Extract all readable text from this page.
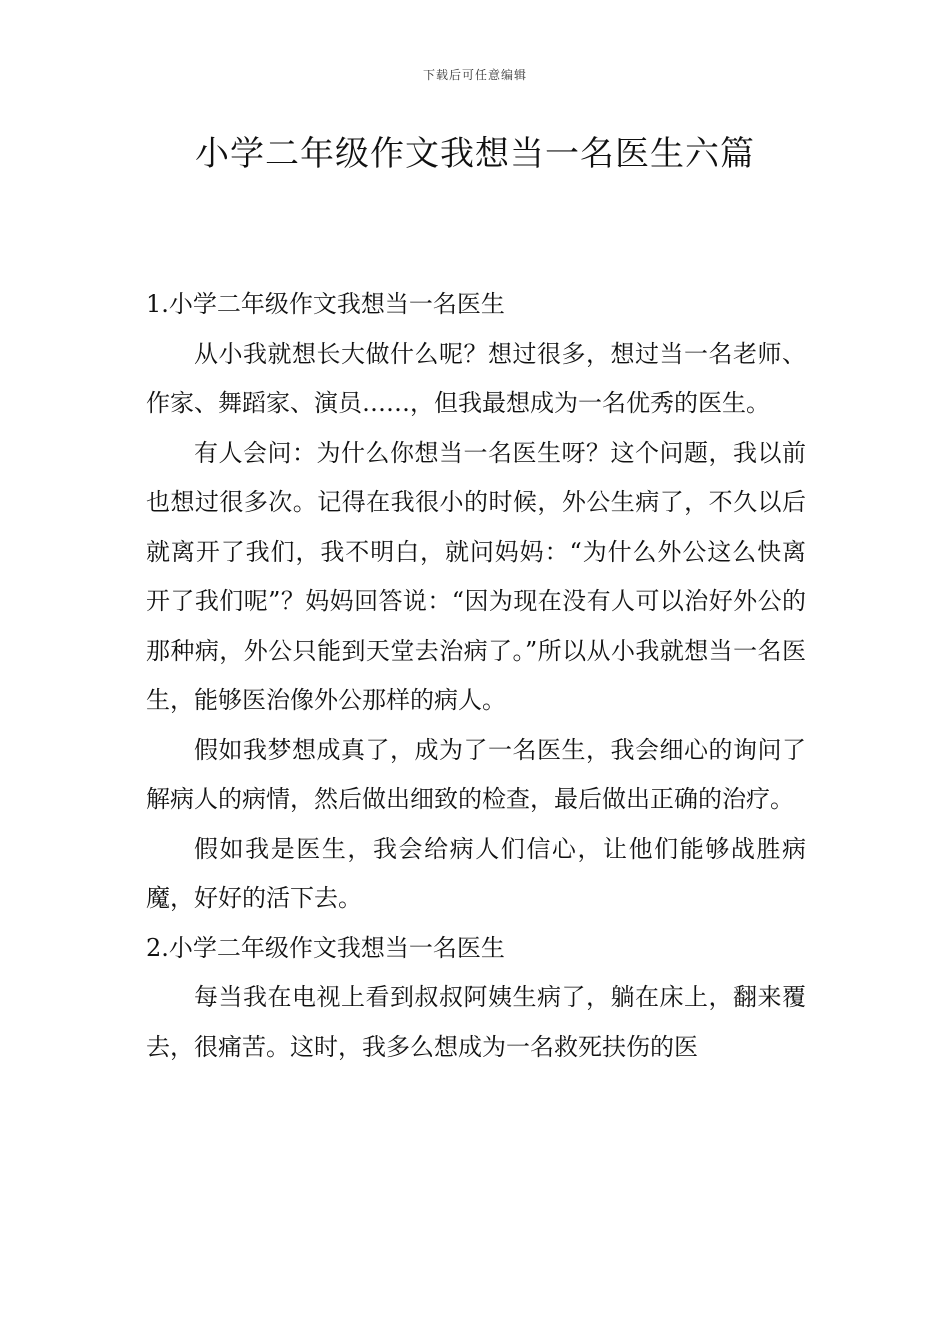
下载后可任意编辑
小学二年级作文我想当一名医生六篇

1.小学二年级作文我想当一名医生

从小我就想长大做什么呢？想过很多，想过当一名老师、作家、舞蹈家、演员……，但我最想成为一名优秀的医生。

有人会问：为什么你想当一名医生呀？这个问题，我以前也想过很多次。记得在我很小的时候，外公生病了，不久以后就离开了我们，我不明白，就问妈妈：“为什么外公这么快离开了我们呢”？妈妈回答说：“因为现在没有人可以治好外公的那种病，外公只能到天堂去治病了。”所以从小我就想当一名医生，能够医治像外公那样的病人。

假如我梦想成真了，成为了一名医生，我会细心的询问了解病人的病情，然后做出细致的检查，最后做出正确的治疗。

假如我是医生，我会给病人们信心，让他们能够战胜病魔，好好的活下去。

2.小学二年级作文我想当一名医生

每当我在电视上看到叔叔阿姨生病了，躺在床上，翻来覆去，很痛苦。这时，我多么想成为一名救死扶伤的医
